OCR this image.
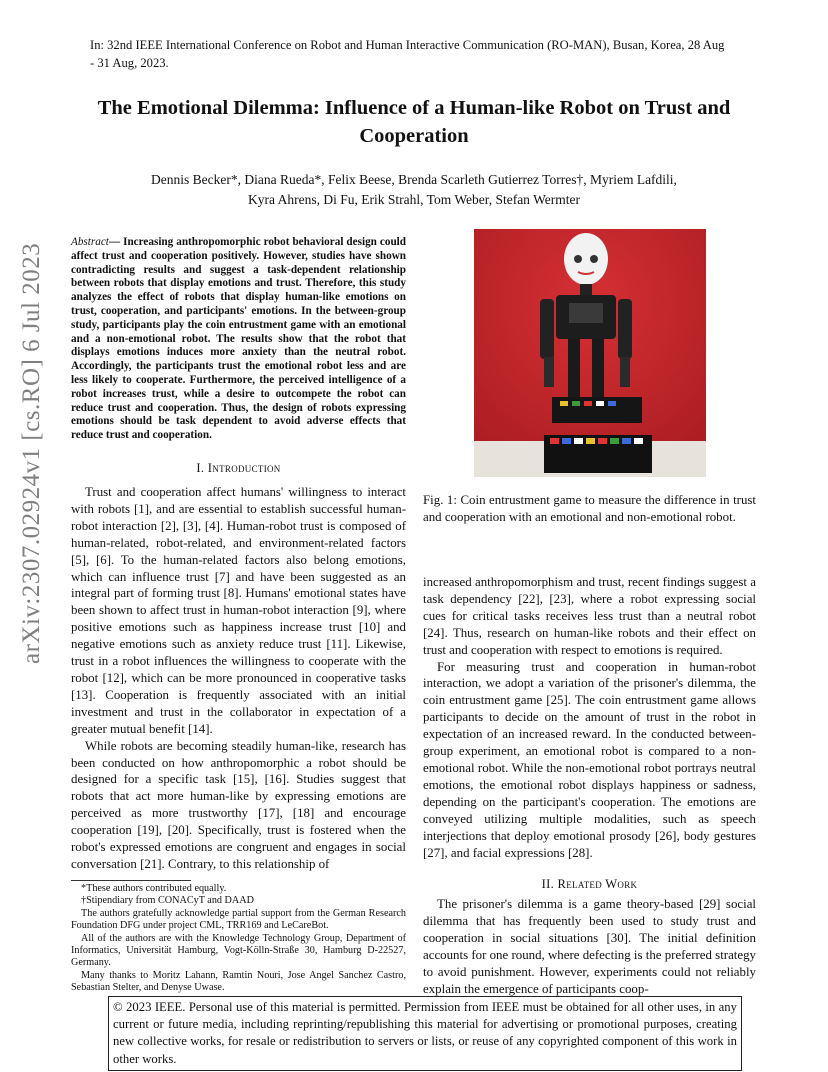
In: 32nd IEEE International Conference on Robot and Human Interactive Communication (RO-MAN), Busan, Korea, 28 Aug - 31 Aug, 2023.
The Emotional Dilemma: Influence of a Human-like Robot on Trust and Cooperation
Dennis Becker*, Diana Rueda*, Felix Beese, Brenda Scarleth Gutierrez Torres†, Myriem Lafdili,
Kyra Ahrens, Di Fu, Erik Strahl, Tom Weber, Stefan Wermter
arXiv:2307.02924v1 [cs.RO] 6 Jul 2023
Abstract— Increasing anthropomorphic robot behavioral design could affect trust and cooperation positively. However, studies have shown contradicting results and suggest a task-dependent relationship between robots that display emotions and trust. Therefore, this study analyzes the effect of robots that display human-like emotions on trust, cooperation, and participants' emotions. In the between-group study, participants play the coin entrustment game with an emotional and a non-emotional robot. The results show that the robot that displays emotions induces more anxiety than the neutral robot. Accordingly, the participants trust the emotional robot less and are less likely to cooperate. Furthermore, the perceived intelligence of a robot increases trust, while a desire to outcompete the robot can reduce trust and cooperation. Thus, the design of robots expressing emotions should be task dependent to avoid adverse effects that reduce trust and cooperation.
I. Introduction

Trust and cooperation affect humans' willingness to interact with robots [1], and are essential to establish successful human-robot interaction [2], [3], [4]. Human-robot trust is composed of human-related, robot-related, and environment-related factors [5], [6]. To the human-related factors also belong emotions, which can influence trust [7] and have been suggested as an integral part of forming trust [8]. Humans' emotional states have been shown to affect trust in human-robot interaction [9], where positive emotions such as happiness increase trust [10] and negative emotions such as anxiety reduce trust [11]. Likewise, trust in a robot influences the willingness to cooperate with the robot [12], which can be more pronounced in cooperative tasks [13]. Cooperation is frequently associated with an initial investment and trust in the collaborator in expectation of a greater mutual benefit [14].

While robots are becoming steadily human-like, research has been conducted on how anthropomorphic a robot should be designed for a specific task [15], [16]. Studies suggest that robots that act more human-like by expressing emotions are perceived as more trustworthy [17], [18] and encourage cooperation [19], [20]. Specifically, trust is fostered when the robot's expressed emotions are congruent and engages in social conversation [21]. Contrary, to this relationship of

*These authors contributed equally.
†Stipendiary from CONACyT and DAAD
The authors gratefully acknowledge partial support from the German Research Foundation DFG under project CML, TRR169 and LeCareBot.
All of the authors are with the Knowledge Technology Group, Department of Informatics, Universität Hamburg, Vogt-Kölln-Straße 30, Hamburg D-22527, Germany.
Many thanks to Moritz Lahann, Ramtin Nouri, Jose Angel Sanchez Castro, Sebastian Stelter, and Denyse Uwase.
Fig. 1: Coin entrustment game to measure the difference in trust and cooperation with an emotional and non-emotional robot.

increased anthropomorphism and trust, recent findings suggest a task dependency [22], [23], where a robot expressing social cues for critical tasks receives less trust than a neutral robot [24]. Thus, research on human-like robots and their effect on trust and cooperation with respect to emotions is required.

For measuring trust and cooperation in human-robot interaction, we adopt a variation of the prisoner's dilemma, the coin entrustment game [25]. The coin entrustment game allows participants to decide on the amount of trust in the robot in expectation of an increased reward. In the conducted between-group experiment, an emotional robot is compared to a non-emotional robot. While the non-emotional robot portrays neutral emotions, the emotional robot displays happiness or sadness, depending on the participant's cooperation. The emotions are conveyed utilizing multiple modalities, such as speech interjections that deploy emotional prosody [26], body gestures [27], and facial expressions [28].

II. Related Work

The prisoner's dilemma is a game theory-based [29] social dilemma that has frequently been used to study trust and cooperation in social situations [30]. The initial definition accounts for one round, where defecting is the preferred strategy to avoid punishment. However, experiments could not reliably explain the emergence of participants coop-

© 2023 IEEE. Personal use of this material is permitted. Permission from IEEE must be obtained for all other uses, in any current or future media, including reprinting/republishing this material for advertising or promotional purposes, creating new collective works, for resale or redistribution to servers or lists, or reuse of any copyrighted component of this work in other works.
